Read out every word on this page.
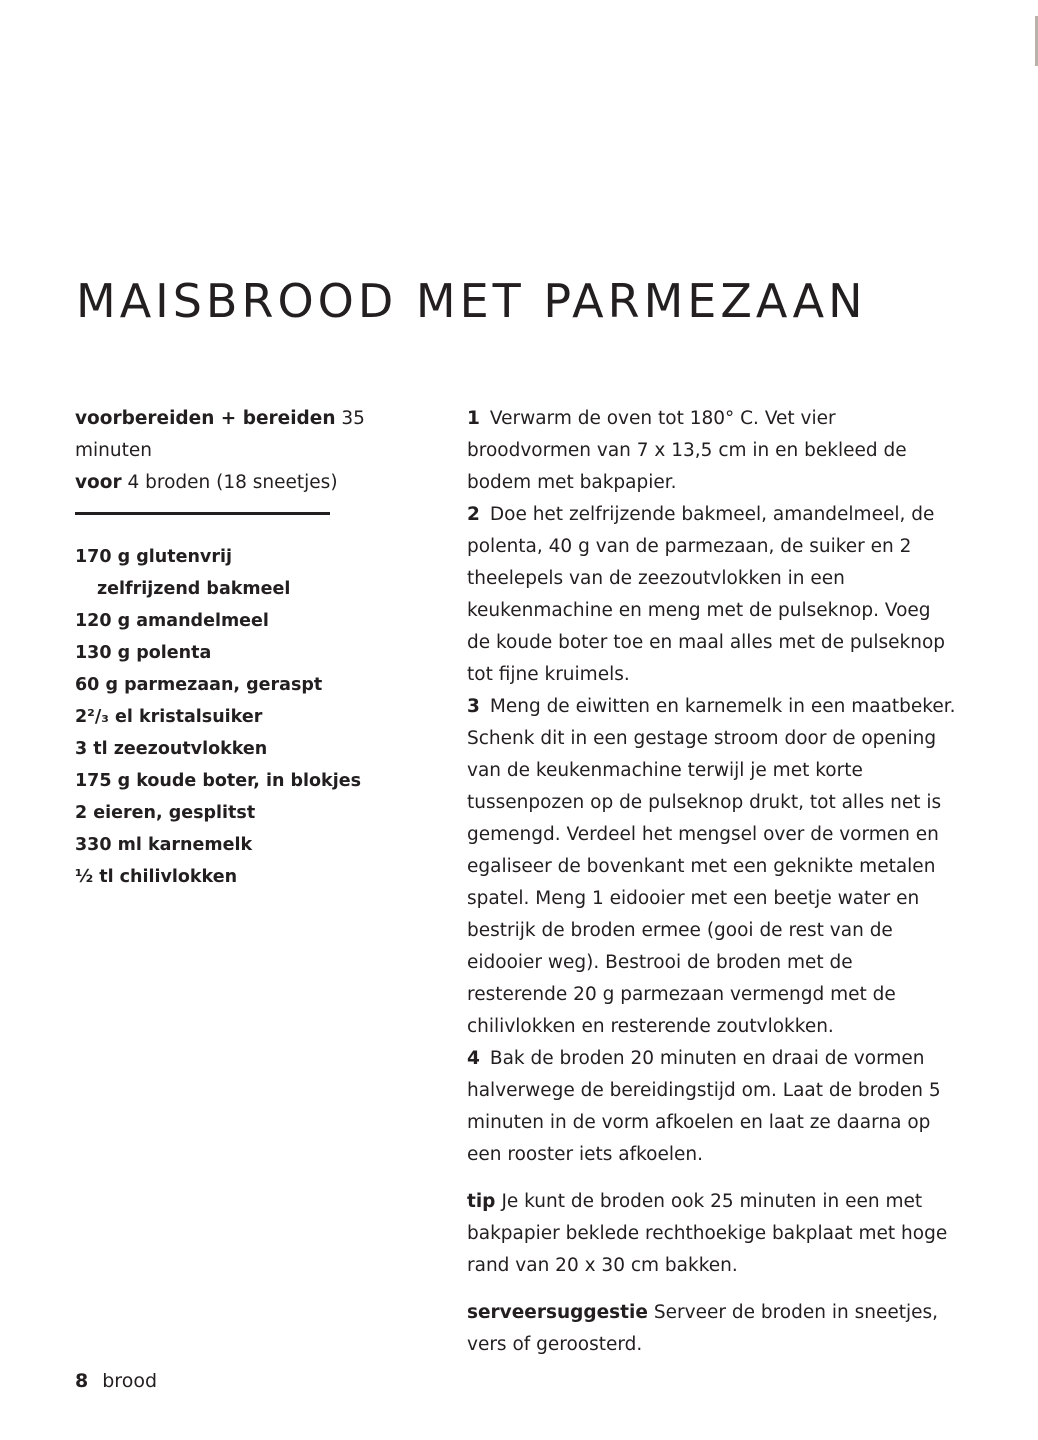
MAISBROOD MET PARMEZAAN
voorbereiden + bereiden 35 minuten
voor 4 broden (18 sneetjes)
170 g glutenvrij
zelfrijzend bakmeel
120 g amandelmeel
130 g polenta
60 g parmezaan, geraspt
2²/₃ el kristalsuiker
3 tl zeezoutvlokken
175 g koude boter, in blokjes
2 eieren, gesplitst
330 ml karnemelk
½ tl chilivlokken

1 Verwarm de oven tot 180° C. Vet vier broodvormen van 7 x 13,5 cm in en bekleed de bodem met bakpapier.

2 Doe het zelfrijzende bakmeel, amandelmeel, de polenta, 40 g van de parmezaan, de suiker en 2 theelepels van de zeezoutvlokken in een keukenmachine en meng met de pulseknop. Voeg de koude boter toe en maal alles met de pulseknop tot fijne kruimels.

3 Meng de eiwitten en karnemelk in een maatbeker. Schenk dit in een gestage stroom door de opening van de keukenmachine terwijl je met korte tussenpozen op de pulseknop drukt, tot alles net is gemengd. Verdeel het mengsel over de vormen en egaliseer de bovenkant met een geknikte metalen spatel. Meng 1 eidooier met een beetje water en bestrijk de broden ermee (gooi de rest van de eidooier weg). Bestrooi de broden met de resterende 20 g parmezaan vermengd met de chilivlokken en resterende zoutvlokken.

4 Bak de broden 20 minuten en draai de vormen halverwege de bereidingstijd om. Laat de broden 5 minuten in de vorm afkoelen en laat ze daarna op een rooster iets afkoelen.

tip Je kunt de broden ook 25 minuten in een met bakpapier beklede rechthoekige bakplaat met hoge rand van 20 x 30 cm bakken.

serveersuggestie Serveer de broden in sneetjes, vers of geroosterd.

8 brood
